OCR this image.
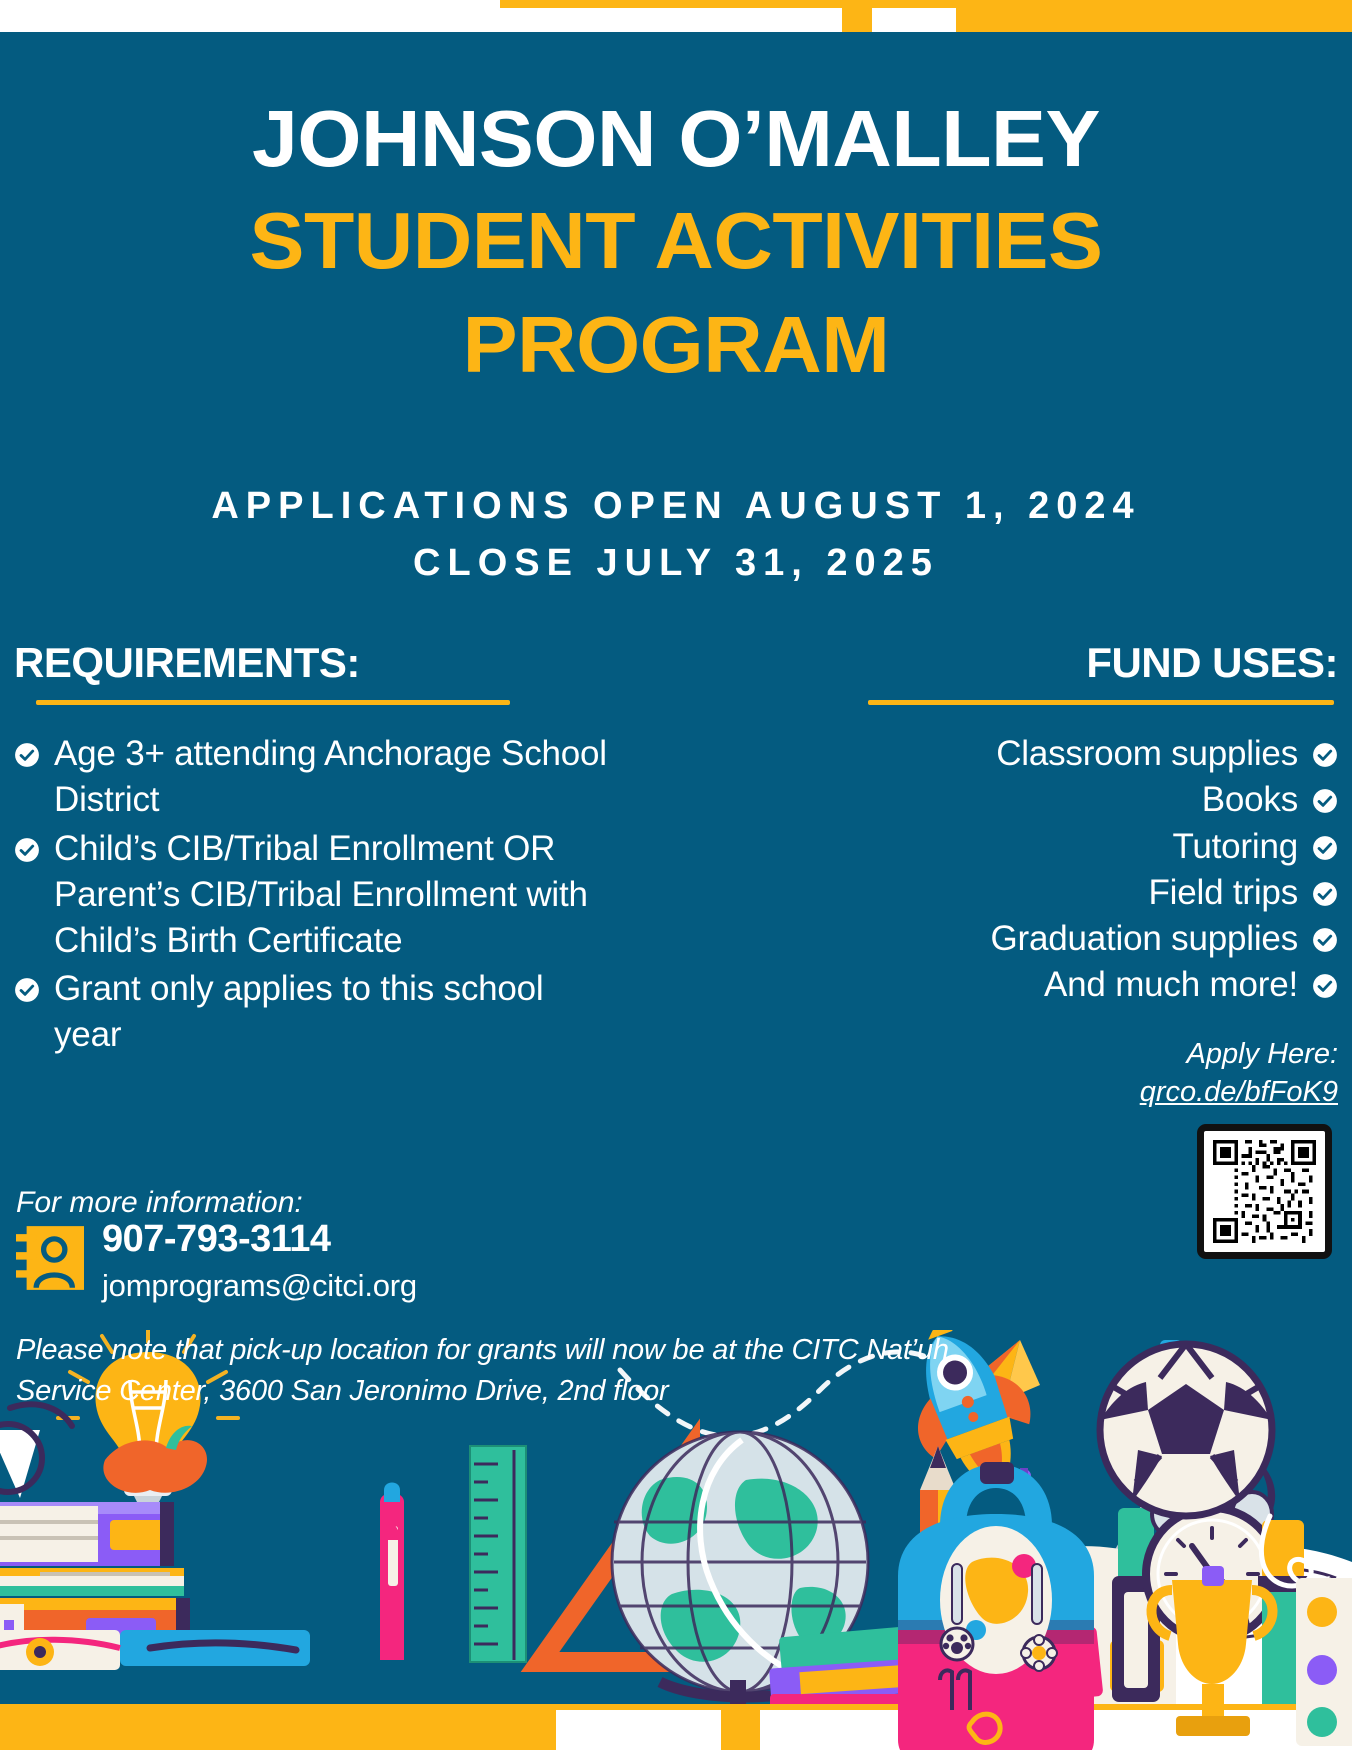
JOHNSON O’MALLEY
STUDENT ACTIVITIES
PROGRAM
APPLICATIONS OPEN AUGUST 1, 2024
CLOSE JULY 31, 2025
REQUIREMENTS:
Age 3+ attending Anchorage School District
Child’s CIB/Tribal Enrollment OR Parent’s CIB/Tribal Enrollment with Child’s Birth Certificate
Grant only applies to this school year
FUND USES:
Classroom supplies
Books
Tutoring
Field trips
Graduation supplies
And much more!
For more information:
907-793-3114
jomprograms@citci.org
Please note that pick-up location for grants will now be at the CITC Nat’uh Service Center, 3600 San Jeronimo Drive, 2nd floor
Apply Here:
qrco.de/bfFoK9
